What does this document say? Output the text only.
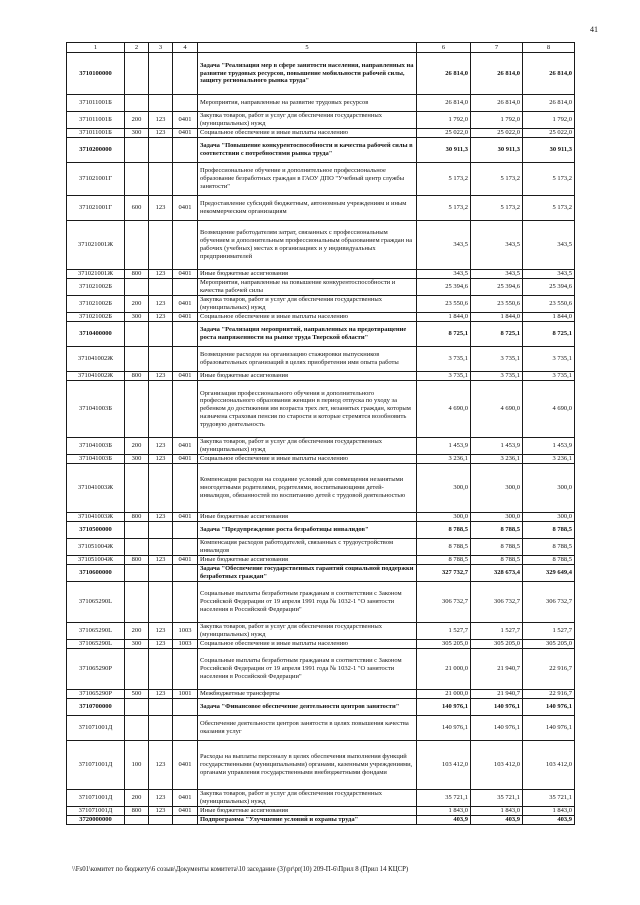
41
1	2	3	4	5	6	7	8
3710100000				Задача "Реализация мер в сфере занятости населения, направленных на развитие трудовых ресурсов, повышение мобильности рабочей силы, защиту регионального рынка труда"	26 814,0	26 814,0	26 814,0
371011001Б				Мероприятия, направленные на развитие трудовых ресурсов	26 814,0	26 814,0	26 814,0
371011001Б	200	123	0401	Закупка товаров, работ и услуг для обеспечения государственных (муниципальных) нужд	1 792,0	1 792,0	1 792,0
371011001Б	300	123	0401	Социальное обеспечение и иные выплаты населению	25 022,0	25 022,0	25 022,0
3710200000				Задача "Повышение конкурентоспособности и качества рабочей силы в соответствии с потребностями рынка труда"	30 911,3	30 911,3	30 911,3
371021001Г				Профессиональное обучение и дополнительное профессиональное образование безработных граждан в ГАОУ ДПО "Учебный центр службы занятости"	5 173,2	5 173,2	5 173,2
371021001Г	600	123	0401	Предоставление субсидий бюджетным, автономным учреждениям и иным некоммерческим организациям	5 173,2	5 173,2	5 173,2
371021001Ж				Возмещение работодателям затрат, связанных с профессиональным обучением и дополнительным профессиональным образованием граждан на рабочих (учебных) местах в организациях и у индивидуальных предпринимателей	343,5	343,5	343,5
371021001Ж	800	123	0401	Иные бюджетные ассигнования	343,5	343,5	343,5
371021002Б				Мероприятия, направленные на повышение конкурентоспособности и качества рабочей силы	25 394,6	25 394,6	25 394,6
371021002Б	200	123	0401	Закупка товаров, работ и услуг для обеспечения государственных (муниципальных) нужд	23 550,6	23 550,6	23 550,6
371021002Б	300	123	0401	Социальное обеспечение и иные выплаты населению	1 844,0	1 844,0	1 844,0
3710400000				Задача "Реализация мероприятий, направленных на предотвращение роста напряженности на рынке труда Тверской области"	8 725,1	8 725,1	8 725,1
371041002Ж				Возмещение расходов на организацию стажировки выпускников образовательных организаций в целях приобретения ими опыта работы	3 735,1	3 735,1	3 735,1
371041002Ж	800	123	0401	Иные бюджетные ассигнования	3 735,1	3 735,1	3 735,1
371041003Б				Организация профессионального обучения и дополнительного профессионального образования женщин в период отпуска по уходу за ребенком до достижения им возраста трех лет, незанятых граждан, которым назначена страховая пенсия по старости и которые стремятся возобновить трудовую деятельность	4 690,0	4 690,0	4 690,0
371041003Б	200	123	0401	Закупка товаров, работ и услуг для обеспечения государственных (муниципальных) нужд	1 453,9	1 453,9	1 453,9
371041003Б	300	123	0401	Социальное обеспечение и иные выплаты населению	3 236,1	3 236,1	3 236,1
371041003Ж				Компенсация расходов на создание условий для совмещения незанятыми многодетными родителями, родителями, воспитывающими детей-инвалидов, обязанностей по воспитанию детей с трудовой деятельностью	300,0	300,0	300,0
371041003Ж	800	123	0401	Иные бюджетные ассигнования	300,0	300,0	300,0
3710500000				Задача "Предупреждение роста безработицы инвалидов"	8 788,5	8 788,5	8 788,5
371051004Ж				Компенсация расходов работодателей, связанных с трудоустройством инвалидов	8 788,5	8 788,5	8 788,5
371051004Ж	800	123	0401	Иные бюджетные ассигнования	8 788,5	8 788,5	8 788,5
3710600000				Задача "Обеспечение государственных гарантий социальной поддержки безработных граждан"	327 732,7	328 673,4	329 649,4
371065290L				Социальные выплаты безработным гражданам в соответствии с Законом Российской Федерации от 19 апреля 1991 года № 1032-1 "О занятости населения в Российской Федерации"	306 732,7	306 732,7	306 732,7
371065290L	200	123	1003	Закупка товаров, работ и услуг для обеспечения государственных (муниципальных) нужд	1 527,7	1 527,7	1 527,7
371065290L	300	123	1003	Социальное обеспечение и иные выплаты населению	305 205,0	305 205,0	305 205,0
371065290P				Социальные выплаты безработным гражданам в соответствии с Законом Российской Федерации от 19 апреля 1991 года № 1032-1 "О занятости населения в Российской Федерации"	21 000,0	21 940,7	22 916,7
371065290P	500	123	1001	Межбюджетные трансферты	21 000,0	21 940,7	22 916,7
3710700000				Задача "Финансовое обеспечение деятельности центров занятости"	140 976,1	140 976,1	140 976,1
371071001Д				Обеспечение деятельности центров занятости в целях повышения качества оказания услуг	140 976,1	140 976,1	140 976,1
371071001Д	100	123	0401	Расходы на выплаты персоналу в целях обеспечения выполнения функций государственными (муниципальными) органами, казенными учреждениями, органами управления государственными внебюджетными фондами	103 412,0	103 412,0	103 412,0
371071001Д	200	123	0401	Закупка товаров, работ и услуг для обеспечения государственных (муниципальных) нужд	35 721,1	35 721,1	35 721,1
371071001Д	800	123	0401	Иные бюджетные ассигнования	1 843,0	1 843,0	1 843,0
3720000000				Подпрограмма "Улучшение условий и охраны труда"	403,9	403,9	403,9
\\Fs01\комитет по бюджету\6 созыв\Документы комитета\10 заседание (3)\рr\рr(10) 209-П-6\Прил 8 (Прил 14 КЦСР)
